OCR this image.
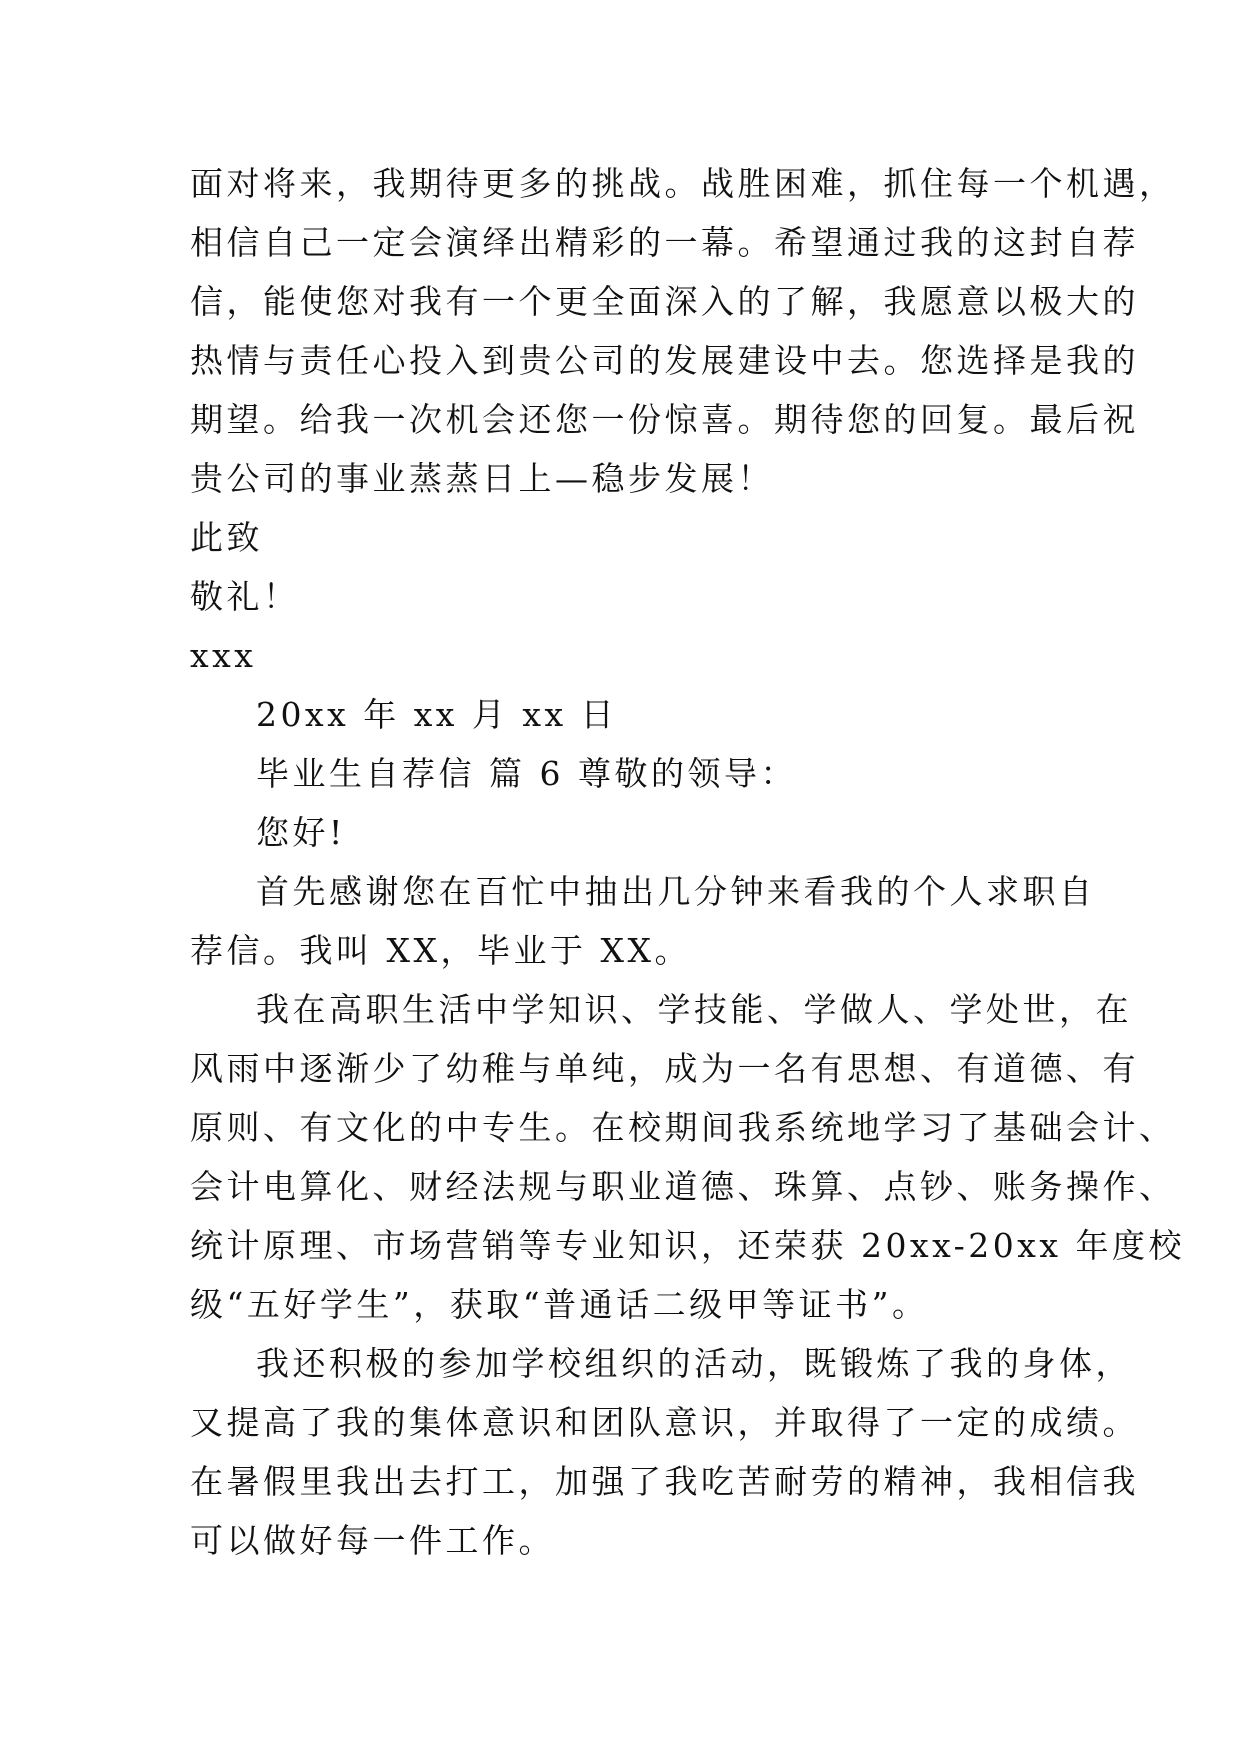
面对将来，我期待更多的挑战。战胜困难，抓住每一个机遇，
相信自己一定会演绎出精彩的一幕。希望通过我的这封自荐
信，能使您对我有一个更全面深入的了解，我愿意以极大的
热情与责任心投入到贵公司的发展建设中去。您选择是我的
期望。给我一次机会还您一份惊喜。期待您的回复。最后祝
贵公司的事业蒸蒸日上—稳步发展！
此致
敬礼！
xxx
20xx 年 xx 月 xx 日
毕业生自荐信 篇 6 尊敬的领导：
您好!
首先感谢您在百忙中抽出几分钟来看我的个人求职自
荐信。我叫 XX，毕业于 XX。
我在高职生活中学知识、学技能、学做人、学处世，在
风雨中逐渐少了幼稚与单纯，成为一名有思想、有道德、有
原则、有文化的中专生。在校期间我系统地学习了基础会计、
会计电算化、财经法规与职业道德、珠算、点钞、账务操作、
统计原理、市场营销等专业知识，还荣获 20xx-20xx 年度校
级“五好学生”，获取“普通话二级甲等证书”。
我还积极的参加学校组织的活动，既锻炼了我的身体，
又提高了我的集体意识和团队意识，并取得了一定的成绩。
在暑假里我出去打工，加强了我吃苦耐劳的精神，我相信我
可以做好每一件工作。
